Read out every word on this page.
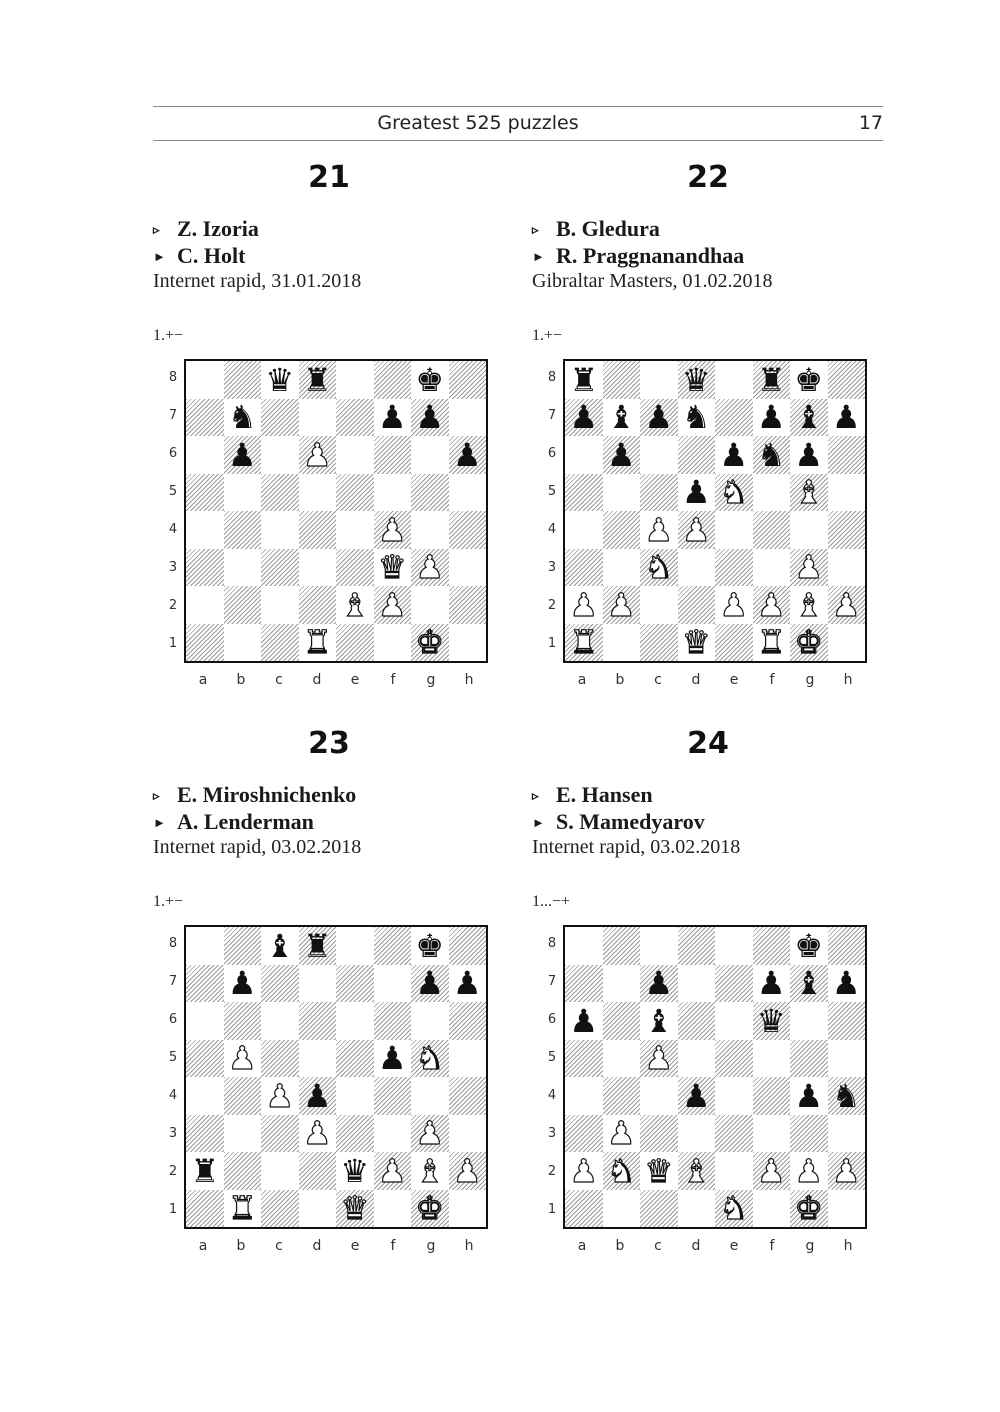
Greatest 525 puzzles	17
21
▹ Z. Izoria
► C. Holt
Internet rapid, 31.01.2018
1.+−
8
7
6
5
4
3
2
1
♛ ♜	♚
♞	♟ ♟
♟ ♟	♟
♟
♛ ♟
♝ ♟
♜	♚
a	b	c	d	e	f	g	h
22
▹ B. Gledura
► R. Praggnanandhaa
Gibraltar Masters, 01.02.2018
1.+−
8
7
6
5
4
3
2
1
♜	♛ ♜ ♚
♟ ♝ ♟ ♞ ♟ ♝ ♟
♟	♟ ♞ ♟
♟ ♞ ♝
♟ ♟
♞	♟
♟ ♟	♟ ♟ ♝ ♟
♜	♛ ♜ ♚
a	b	c	d	e	f	g	h
23
▹ E. Miroshnichenko
► A. Lenderman
Internet rapid, 03.02.2018
1.+−
8
7
6
5
4
3
2
1
♝ ♜	♚
♟	♟ ♟
♟	♟ ♞
♟ ♟
♟	♟
♜	♛ ♟ ♝ ♟
♜	♛ ♚
a	b	c	d	e	f	g	h
24
▹ E. Hansen
► S. Mamedyarov
Internet rapid, 03.02.2018
1...−+
8
7
6
5
4
3
2
1
♚
♟	♟ ♝ ♟
♟ ♝	♛
♟
♟	♟ ♞
♟
♟ ♞ ♛ ♝ ♟ ♟ ♟
♞ ♚
a	b	c	d	e	f	g	h
